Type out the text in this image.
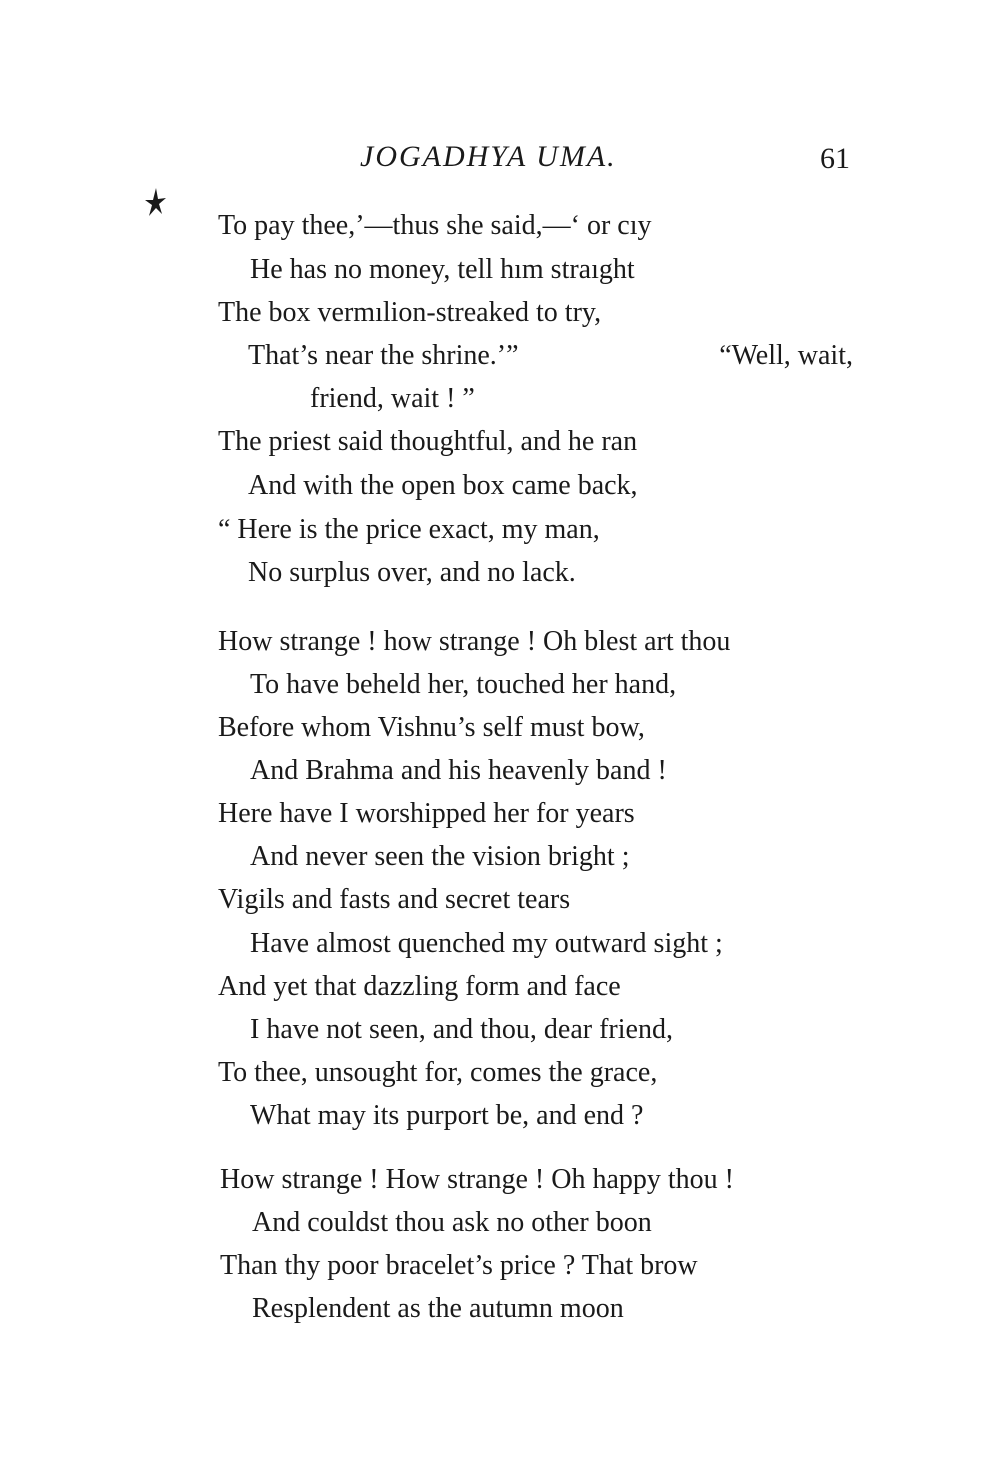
JOGADHYA UMA.	61
To pay thee,’—thus she said,—‘ or cıy
He has no money, tell hım straıght
The box vermılion-streaked to try,
That’s near the shrine.’”	“Well, wait,
friend, wait ! ”
The priest said thoughtful, and he ran
And with the open box came back,
“ Here is the price exact, my man,
No surplus over, and no lack.
How strange ! how strange ! Oh blest art thou
To have beheld her, touched her hand,
Before whom Vishnu’s self must bow,
And Brahma and his heavenly band !
Here have I worshipped her for years
And never seen the vision bright ;
Vigils and fasts and secret tears
Have almost quenched my outward sight ;
And yet that dazzling form and face
I have not seen, and thou, dear friend,
To thee, unsought for, comes the grace,
What may its purport be, and end ?
How strange ! How strange ! Oh happy thou !
And couldst thou ask no other boon
Than thy poor bracelet’s price ? That brow
Resplendent as the autumn moon
